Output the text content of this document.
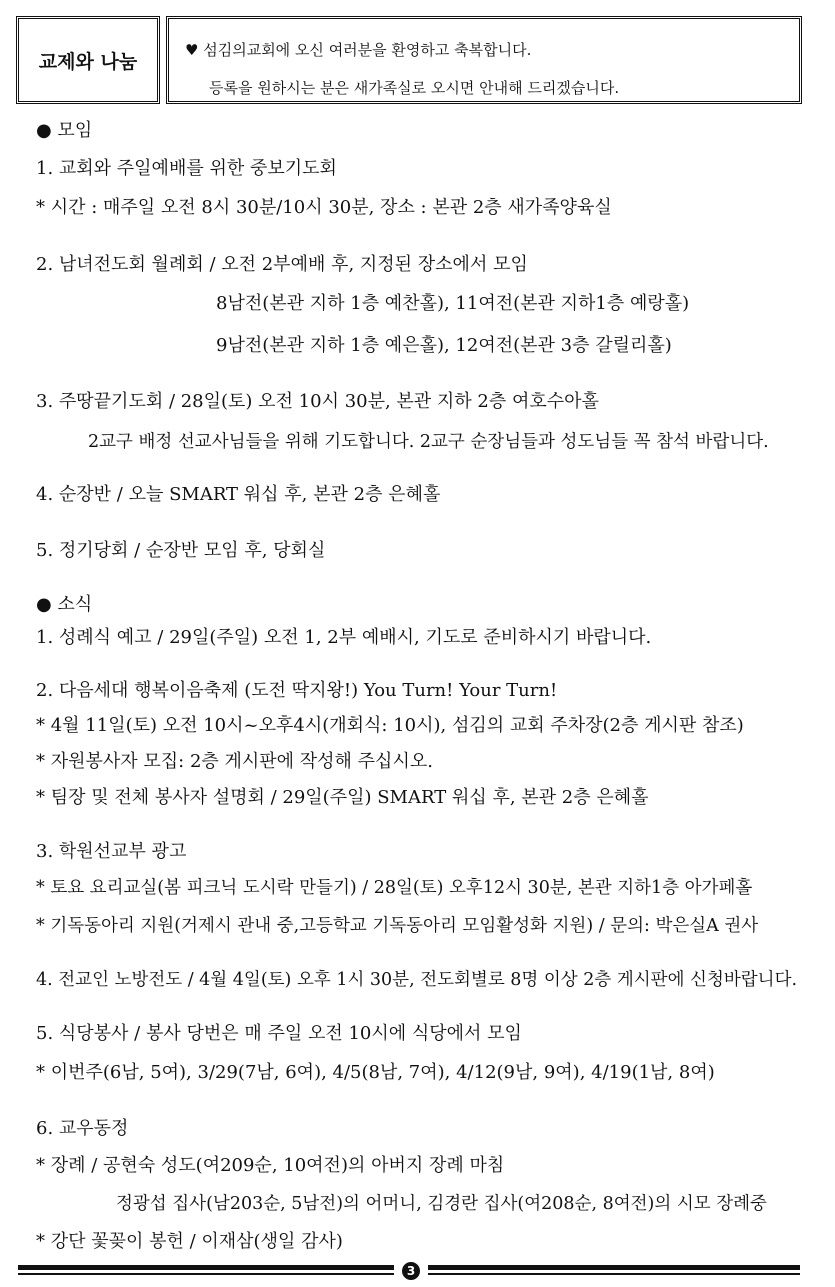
교제와 나눔
♥ 섬김의교회에 오신 여러분을 환영하고 축복합니다.
등록을 원하시는 분은 새가족실로 오시면 안내해 드리겠습니다.
● 모임
1. 교회와 주일예배를 위한 중보기도회
* 시간 : 매주일 오전 8시 30분/10시 30분, 장소 : 본관 2층 새가족양육실
2. 남녀전도회 월례회 / 오전 2부예배 후, 지정된 장소에서 모임
8남전(본관 지하 1층 예찬홀), 11여전(본관 지하1층 예랑홀)
9남전(본관 지하 1층 예은홀), 12여전(본관 3층 갈릴리홀)
3. 주땅끝기도회 / 28일(토) 오전 10시 30분, 본관 지하 2층 여호수아홀
2교구 배정 선교사님들을 위해 기도합니다. 2교구 순장님들과 성도님들 꼭 참석 바랍니다.
4. 순장반 / 오늘 SMART 워십 후, 본관 2층 은혜홀
5. 정기당회 / 순장반 모임 후, 당회실
● 소식
1. 성례식 예고 / 29일(주일) 오전 1, 2부 예배시, 기도로 준비하시기 바랍니다.
2. 다음세대 행복이음축제 (도전 딱지왕!) You Turn! Your Turn!
* 4월 11일(토) 오전 10시~오후4시(개회식: 10시), 섬김의 교회 주차장(2층 게시판 참조)
* 자원봉사자 모집: 2층 게시판에 작성해 주십시오.
* 팀장 및 전체 봉사자 설명회 / 29일(주일) SMART 워십 후, 본관 2층 은혜홀
3. 학원선교부 광고
* 토요 요리교실(봄 피크닉 도시락 만들기) / 28일(토) 오후12시 30분, 본관 지하1층 아가페홀
* 기독동아리 지원(거제시 관내 중,고등학교 기독동아리 모임활성화 지원) / 문의: 박은실A 권사
4. 전교인 노방전도 / 4월 4일(토) 오후 1시 30분, 전도회별로 8명 이상 2층 게시판에 신청바랍니다.
5. 식당봉사 / 봉사 당번은 매 주일 오전 10시에 식당에서 모임
* 이번주(6남, 5여), 3/29(7남, 6여), 4/5(8남, 7여), 4/12(9남, 9여), 4/19(1남, 8여)
6. 교우동정
* 장례 / 공현숙 성도(여209순, 10여전)의 아버지 장례 마침
정광섭 집사(남203순, 5남전)의 어머니, 김경란 집사(여208순, 8여전)의 시모 장례중
* 강단 꽃꽂이 봉헌 / 이재삼(생일 감사)
3
